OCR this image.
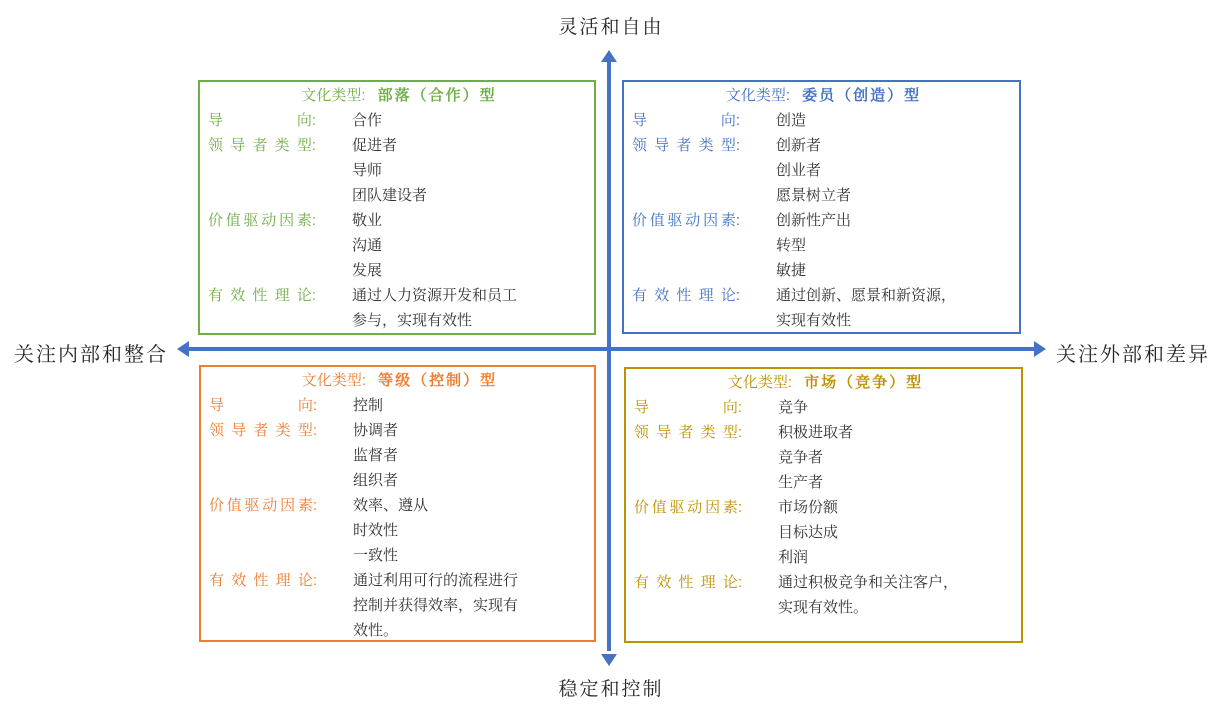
灵活和自由
稳定和控制
关注内部和整合	关注外部和差异
文化类型: 部落（合作）型
导	向: 合作
领 导 者 类 型: 促进者
导师
团队建设者
价 值 驱 动 因 素: 敬业
沟通
发展
有 效 性 理 论: 通过人力资源开发和员工
参与，实现有效性
文化类型: 委员（创造）型
导	向: 创造
领 导 者 类 型: 创新者
创业者
愿景树立者
价 值 驱 动 因 素: 创新性产出
转型
敏捷
有 效 性 理 论: 通过创新、愿景和新资源，
实现有效性
文化类型: 等级（控制）型
导	向: 控制
领 导 者 类 型: 协调者
监督者
组织者
价 值 驱 动 因 素: 效率、遵从
时效性
一致性
有 效 性 理 论: 通过利用可行的流程进行
控制并获得效率，实现有
效性。
文化类型: 市场（竞争）型
导	向: 竞争
领 导 者 类 型: 积极进取者
竞争者
生产者
价 值 驱 动 因 素: 市场份额
目标达成
利润
有 效 性 理 论: 通过积极竞争和关注客户，
实现有效性。
